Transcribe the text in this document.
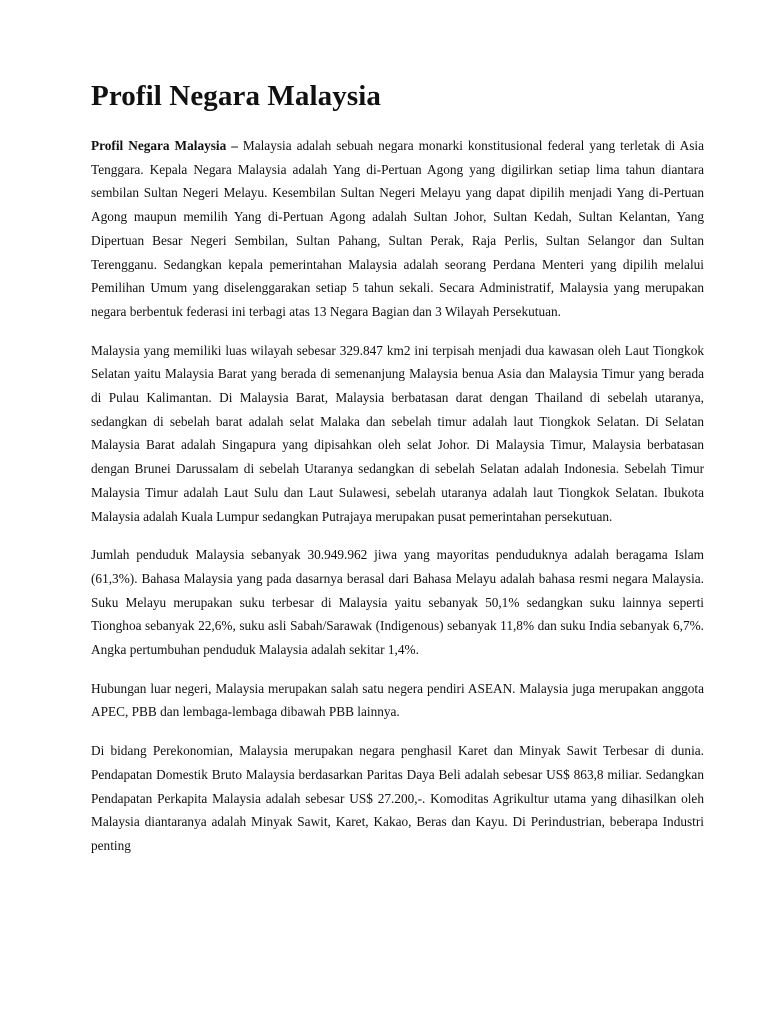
Profil Negara Malaysia

Profil Negara Malaysia – Malaysia adalah sebuah negara monarki konstitusional federal yang terletak di Asia Tenggara. Kepala Negara Malaysia adalah Yang di-Pertuan Agong yang digilirkan setiap lima tahun diantara sembilan Sultan Negeri Melayu. Kesembilan Sultan Negeri Melayu yang dapat dipilih menjadi Yang di-Pertuan Agong maupun memilih Yang di-Pertuan Agong adalah Sultan Johor, Sultan Kedah, Sultan Kelantan, Yang Dipertuan Besar Negeri Sembilan, Sultan Pahang, Sultan Perak, Raja Perlis, Sultan Selangor dan Sultan Terengganu. Sedangkan kepala pemerintahan Malaysia adalah seorang Perdana Menteri yang dipilih melalui Pemilihan Umum yang diselenggarakan setiap 5 tahun sekali. Secara Administratif, Malaysia yang merupakan negara berbentuk federasi ini terbagi atas 13 Negara Bagian dan 3 Wilayah Persekutuan.

Malaysia yang memiliki luas wilayah sebesar 329.847 km2 ini terpisah menjadi dua kawasan oleh Laut Tiongkok Selatan yaitu Malaysia Barat yang berada di semenanjung Malaysia benua Asia dan Malaysia Timur yang berada di Pulau Kalimantan. Di Malaysia Barat, Malaysia berbatasan darat dengan Thailand di sebelah utaranya, sedangkan di sebelah barat adalah selat Malaka dan sebelah timur adalah laut Tiongkok Selatan. Di Selatan Malaysia Barat adalah Singapura yang dipisahkan oleh selat Johor. Di Malaysia Timur, Malaysia berbatasan dengan Brunei Darussalam di sebelah Utaranya sedangkan di sebelah Selatan adalah Indonesia. Sebelah Timur Malaysia Timur adalah Laut Sulu dan Laut Sulawesi, sebelah utaranya adalah laut Tiongkok Selatan. Ibukota Malaysia adalah Kuala Lumpur sedangkan Putrajaya merupakan pusat pemerintahan persekutuan.

Jumlah penduduk Malaysia sebanyak 30.949.962 jiwa yang mayoritas penduduknya adalah beragama Islam (61,3%). Bahasa Malaysia yang pada dasarnya berasal dari Bahasa Melayu adalah bahasa resmi negara Malaysia. Suku Melayu merupakan suku terbesar di Malaysia yaitu sebanyak 50,1% sedangkan suku lainnya seperti Tionghoa sebanyak 22,6%, suku asli Sabah/Sarawak (Indigenous) sebanyak 11,8% dan suku India sebanyak 6,7%. Angka pertumbuhan penduduk Malaysia adalah sekitar 1,4%.

Hubungan luar negeri, Malaysia merupakan salah satu negera pendiri ASEAN. Malaysia juga merupakan anggota APEC, PBB dan lembaga-lembaga dibawah PBB lainnya.

Di bidang Perekonomian, Malaysia merupakan negara penghasil Karet dan Minyak Sawit Terbesar di dunia. Pendapatan Domestik Bruto Malaysia berdasarkan Paritas Daya Beli adalah sebesar US$ 863,8 miliar. Sedangkan Pendapatan Perkapita Malaysia adalah sebesar US$ 27.200,-. Komoditas Agrikultur utama yang dihasilkan oleh Malaysia diantaranya adalah Minyak Sawit, Karet, Kakao, Beras dan Kayu. Di Perindustrian, beberapa Industri penting
